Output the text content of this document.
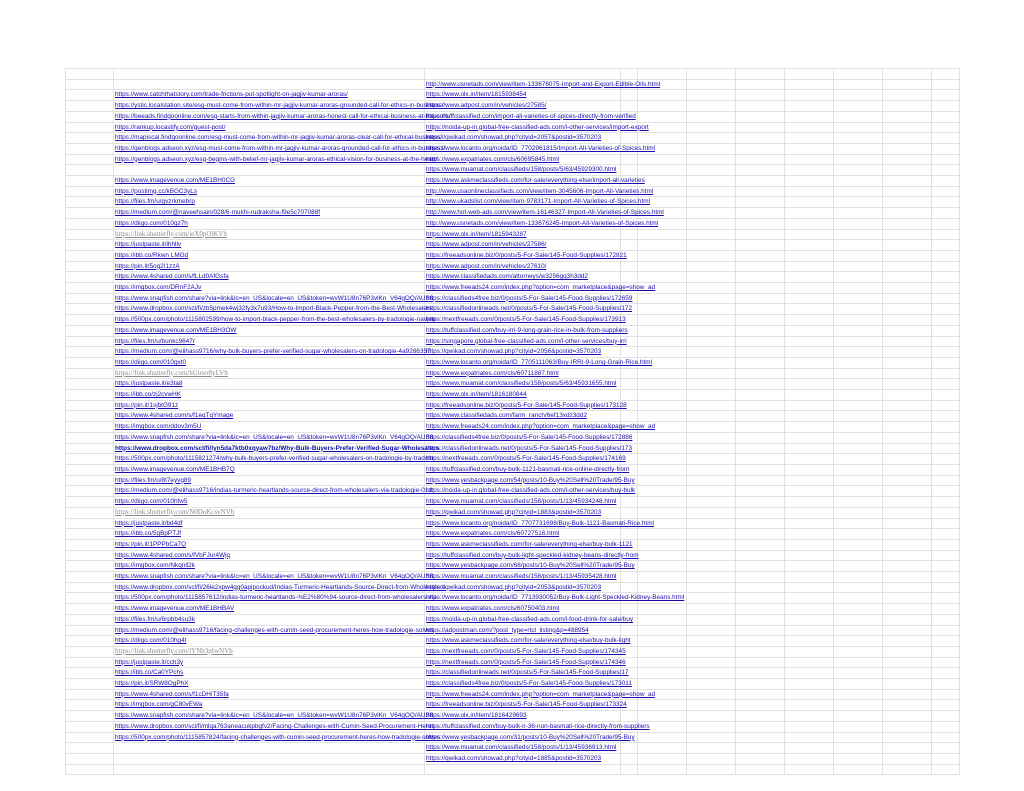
		http://www.usnetads.com/view/item-133676075-Import-and-Export-Edible-Oils.html								
	https://www.catchthatstory.com/trade-frictions-put-spotlight-on-jagjiv-kumar-aroras/	https://www.olx.in/item/1815938454								
	https://ystic.localstation.site/esg-must-come-from-within-mr-jagjiv-kumar-aroras-grounded-call-for-ethics-in-business/	https://www.adpost.com/in/vehicles/27585/								
	https://beeads.findgoonline.com/esg-starts-from-within-jagjiv-kumar-aroras-honest-call-for-ethical-business-at-the-core/	https://tuffclassified.com/import-all-varieties-of-spices-directly-from-verified								
	https://rankup.locastify.com/guest-post/	https://noida-up-in.global-free-classified-ads.com/l-other-services/import-export								
	https://mapiscal.findgoonline.com/esg-must-come-from-within-mr-jagjiv-kumar-aroras-clear-call-for-ethical-business/	https://qwikad.com/showad.php?cityid=2057&postid=3570203								
	https://genblogs.adseon.xyz/esg-must-come-from-within-mr-jagjiv-kumar-aroras-grounded-call-for-ethics-in-business/	https://www.locanto.org/noida/ID_7702961815/Import-All-Varieties-of-Spices.html								
	https://genblogs.adseon.xyz/esg-begins-with-belief-mr-jagjiv-kumar-aroras-ethical-vision-for-business-at-the-heart/	https://www.expatriates.com/cls/60695845.html								
		https://www.muamat.com/classifieds/158/posts/5/63/45929300.html								
	https://www.imagevenue.com/ME1BH0CG	https://www.askmeclassifieds.com/for-sale/everything-else/import-all-varieties								
	https://postimg.cc/kBGC3yLs	http://www.usaonlineclassifieds.com/view/item-3045606-Import-All-Varieties.html								
	https://files.fm/u/gvzrkmebrp	http://www.ukadslist.com/view/item-9783171-Import-All-Varieties-of-Spices.html								
	https://medium.com/@naveehsain/028/6-mukhi-rudraksha-f9e5c707088f	http://www.hot-web-ads.com/view/item-16146327-Import-All-Varieties-of-Spices.html								
	https://diigo.com/010gz7h	http://www.usnetads.com/view/item-133676245-Import-All-Varieties-of-Spices.html								
	https://link.shutterfly.com/ieX0pOlKVb	https://www.olx.in/item/1815943287								
	https://justpaste.it/ihhllv	https://www.adpost.com/in/vehicles/27586/								
	https://ibb.co/Rkwn LMGd	https://freeadsonline.biz/0/posts/5-For-Sale/145-Food-Supplies/172821								
	https://pin.it/5og2I1zzA	https://www.adpost.com/in/vehicles/27610/								
	https://www.4shared.com/s/fLLd0AfGsfa	https://www.classifiedads.com/attorneys/w3256gq3h3dd2								
	https://imgbox.com/DRnF2AJv	https://www.freeads24.com/index.php?option=com_marketplace&page=show_ad								
	https://www.snapfish.com/share?via=link&lc=en_US&locale=en_US&token=wvW1U8n76P3vlKn_V64gOQ/AUS8	https://classifieds4free.biz/0/posts/5-For-Sale/145-Food-Supplies/172659								
	https://www.dropbox.com/scl/fi/zb5pmek4wj32fy3x7u93/How-to-Import-Black-Pepper-from-the-Best-Wholesalers	https://classifiedonlineads.net/0/posts/5-For-Sale/145-Food-Supplies/172								
	https://500px.com/photo/1115802599/how-to-import-black-pepper-from-the-best-wholesalers-by-tradologie-navjee	https://nextfreeads.com/0/posts/5-For-Sale/145-Food-Supplies/173913								
	https://www.imagevenue.com/ME1BH3OW	https://tuffclassified.com/buy-irri-9-long-grain-rice-in-bulk-from-suppliers								
	https://files.fm/u/bunkc9647r	https://singapore.global-free-classified-ads.com/l-other-services/buy-irri								
	https://medium.com/@elihass9716/why-bulk-buyers-prefer-verified-sugar-wholesalers-on-tradologie-4a9286357	https://qwikad.com/showad.php?cityid=2056&postid=3570203								
	https://diigo.com/010gxt0	https://www.locanto.org/noida/ID_7705111063/Buy-IRRI-9-Long-Grain-Rice.html								
	https://link.shutterfly.com/hUuwr8yLVb	https://www.expatriates.com/cls/60711887.html								
	https://justpaste.it/e3ta8	https://www.muamat.com/classifieds/158/posts/5/63/45931655.html								
	https://ibb.co/zj2cvwHK	https://www.olx.in/item/1816180844								
	https://pin.it/1sjbtG91z	https://freeadsonline.biz/0/posts/5-For-Sale/145-Food-Supplies/173128								
	https://www.4shared.com/s/f1eqTqYmage	https://www.classifiedads.com/farm_ranch/6ef13xdz3dd2								
	https://imgbox.com/ddov3m5U	https://www.freeads24.com/index.php?option=com_marketplace&page=show_ad								
	https://www.snapfish.com/share?via=link&lc=en_US&locale=en_US&token=wvW1U8n76P3vlKn_V64gOQ/AUS8	https://classifieds4free.biz/0/posts/5-For-Sale/145-Food-Supplies/172886								
	https://www.dropbox.com/scl/fi/lyn5da7ktb0xqyaw7bz/Why-Bulk-Buyers-Prefer-Verified-Sugar-Wholesalers	https://classifiedonlineads.net/0/posts/5-For-Sale/145-Food-Supplies/173								
	https://500px.com/photo/1115821274/why-bulk-buyers-prefer-verified-sugar-wholesalers-on-tradologie-by-tradolo	https://nextfreeads.com/0/posts/5-For-Sale/145-Food-Supplies/174169								
	https://www.imagevenue.com/ME1BHB7Q	https://tuffclassified.com/buy-bulk-1121-basmati-rice-online-directly-from								
	https://files.fm/u/8t7eyvg89	https://www.yesbackpage.com/54/posts/10-Buy%20Sell%20Trade/95-Buy								
	https://medium.com/@elihass9716/indias-turmeric-heartlands-source-direct-from-wholesalers-via-tradologie-01d	https://noida-up-in.global-free-classified-ads.com/l-other-services/buy-bulk								
	https://diigo.com/010hfw5	https://www.muamat.com/classifieds/158/posts/1/13/45934248.html								
	https://link.shutterfly.com/N0DoKcsvNVb	https://qwikad.com/showad.php?cityid=1883&postid=3570203								
	https://justpaste.it/bd4df	https://www.locanto.org/noida/ID_7707731698/Buy-Bulk-1121-Basmati-Rice.html								
	https://ibb.co/5gBpPTJf	https://www.expatriates.com/cls/60727516.html								
	https://pin.it/1PPPbCa7Q	https://www.askmeclassifieds.com/for-sale/everything-else/buy-bulk-1121								
	https://www.4shared.com/s/fVbFJur4Wjq	https://tuffclassified.com/buy-bulk-light-speckled-kidney-beans-directly-from								
	https://imgbox.com/Nkqnll2k	https://www.yesbackpage.com/68/posts/10-Buy%20Sell%20Trade/95-Buy								
	https://www.snapfish.com/share?via=link&lc=en_US&locale=en_US&token=wvW1U8n76P3vlKn_V64gOQ/AUS8	https://www.muamat.com/classifieds/158/posts/1/13/45935428.html								
	https://www.dropbox.com/scl/fi/26le2xpw4gg0apipockud/Indias-Turmeric-Heartlands-Source-Direct-from-Wholesalers	https://qwikad.com/showad.php?cityid=2053&postid=3570203								
	https://500px.com/photo/1115857612/indias-turmeric-heartlands-%E2%80%94-source-direct-from-wholesalers-via	https://www.locanto.org/noida/ID_7713930052/Buy-Bulk-Light-Speckled-Kidney-Beans.html								
	https://www.imagevenue.com/ME1BHBAV	https://www.expatriates.com/cls/60750403.html								
	https://files.fm/u/6rpbb4su3k	https://noida-up-in.global-free-classified-ads.com/l-food-drink-for-sale/buy								
	https://medium.com/@elihass9716/facing-challenges-with-cumin-seed-procurement-heres-how-tradologie-solves	https://adpostman.com/?post_type=rtcl_listing&p=488954								
	https://diigo.com/010hg4t	https://www.askmeclassifieds.com/for-sale/everything-else/buy-bulk-light								
	https://link.shutterfly.com/lYNb3pfwNVb	https://nextfreeads.com/0/posts/5-For-Sale/145-Food-Supplies/174345								
	https://justpaste.it/cch3y	https://nextfreeads.com/0/posts/5-For-Sale/145-Food-Supplies/174346								
	https://ibb.co/Ca0YPchs	https://classifiedonlineads.net/0/posts/5-For-Sale/145-Food-Supplies/17								
	https://pin.it/SRW8OgPhX	https://classifieds4free.biz/0/posts/5-For-Sale/145-Food-Supplies/173011								
	https://www.4shared.com/s/f1cDHiT35fa	https://www.freeads24.com/index.php?option=com_marketplace&page=show_ad								
	https://imgbox.com/gC80vEWa	https://freeadsonline.biz/0/posts/5-For-Sale/145-Food-Supplies/173324								
	https://www.snapfish.com/share?via=link&lc=en_US&locale=en_US&token=wvW1U8n76P3vlKn_V64gOQ/AUS8	https://www.olx.in/item/1816429693								
	https://www.dropbox.com/scl/fi/mlqa763aneacukpbgfv2/Facing-Challenges-with-Cumin-Seed-Procurement-Heres	https://tuffclassified.com/buy-bulk-ir-36-non-basmati-rice-directly-from-suppliers								
	https://500px.com/photo/1115857824/facing-challenges-with-cumin-seed-procurement-heres-how-tradologie-solves	https://www.yesbackpage.com/31/posts/10-Buy%20Sell%20Trade/95-Buy								
		https://www.muamat.com/classifieds/158/posts/1/13/45936913.html								
		https://qwikad.com/showad.php?cityid=1885&postid=3570203								
